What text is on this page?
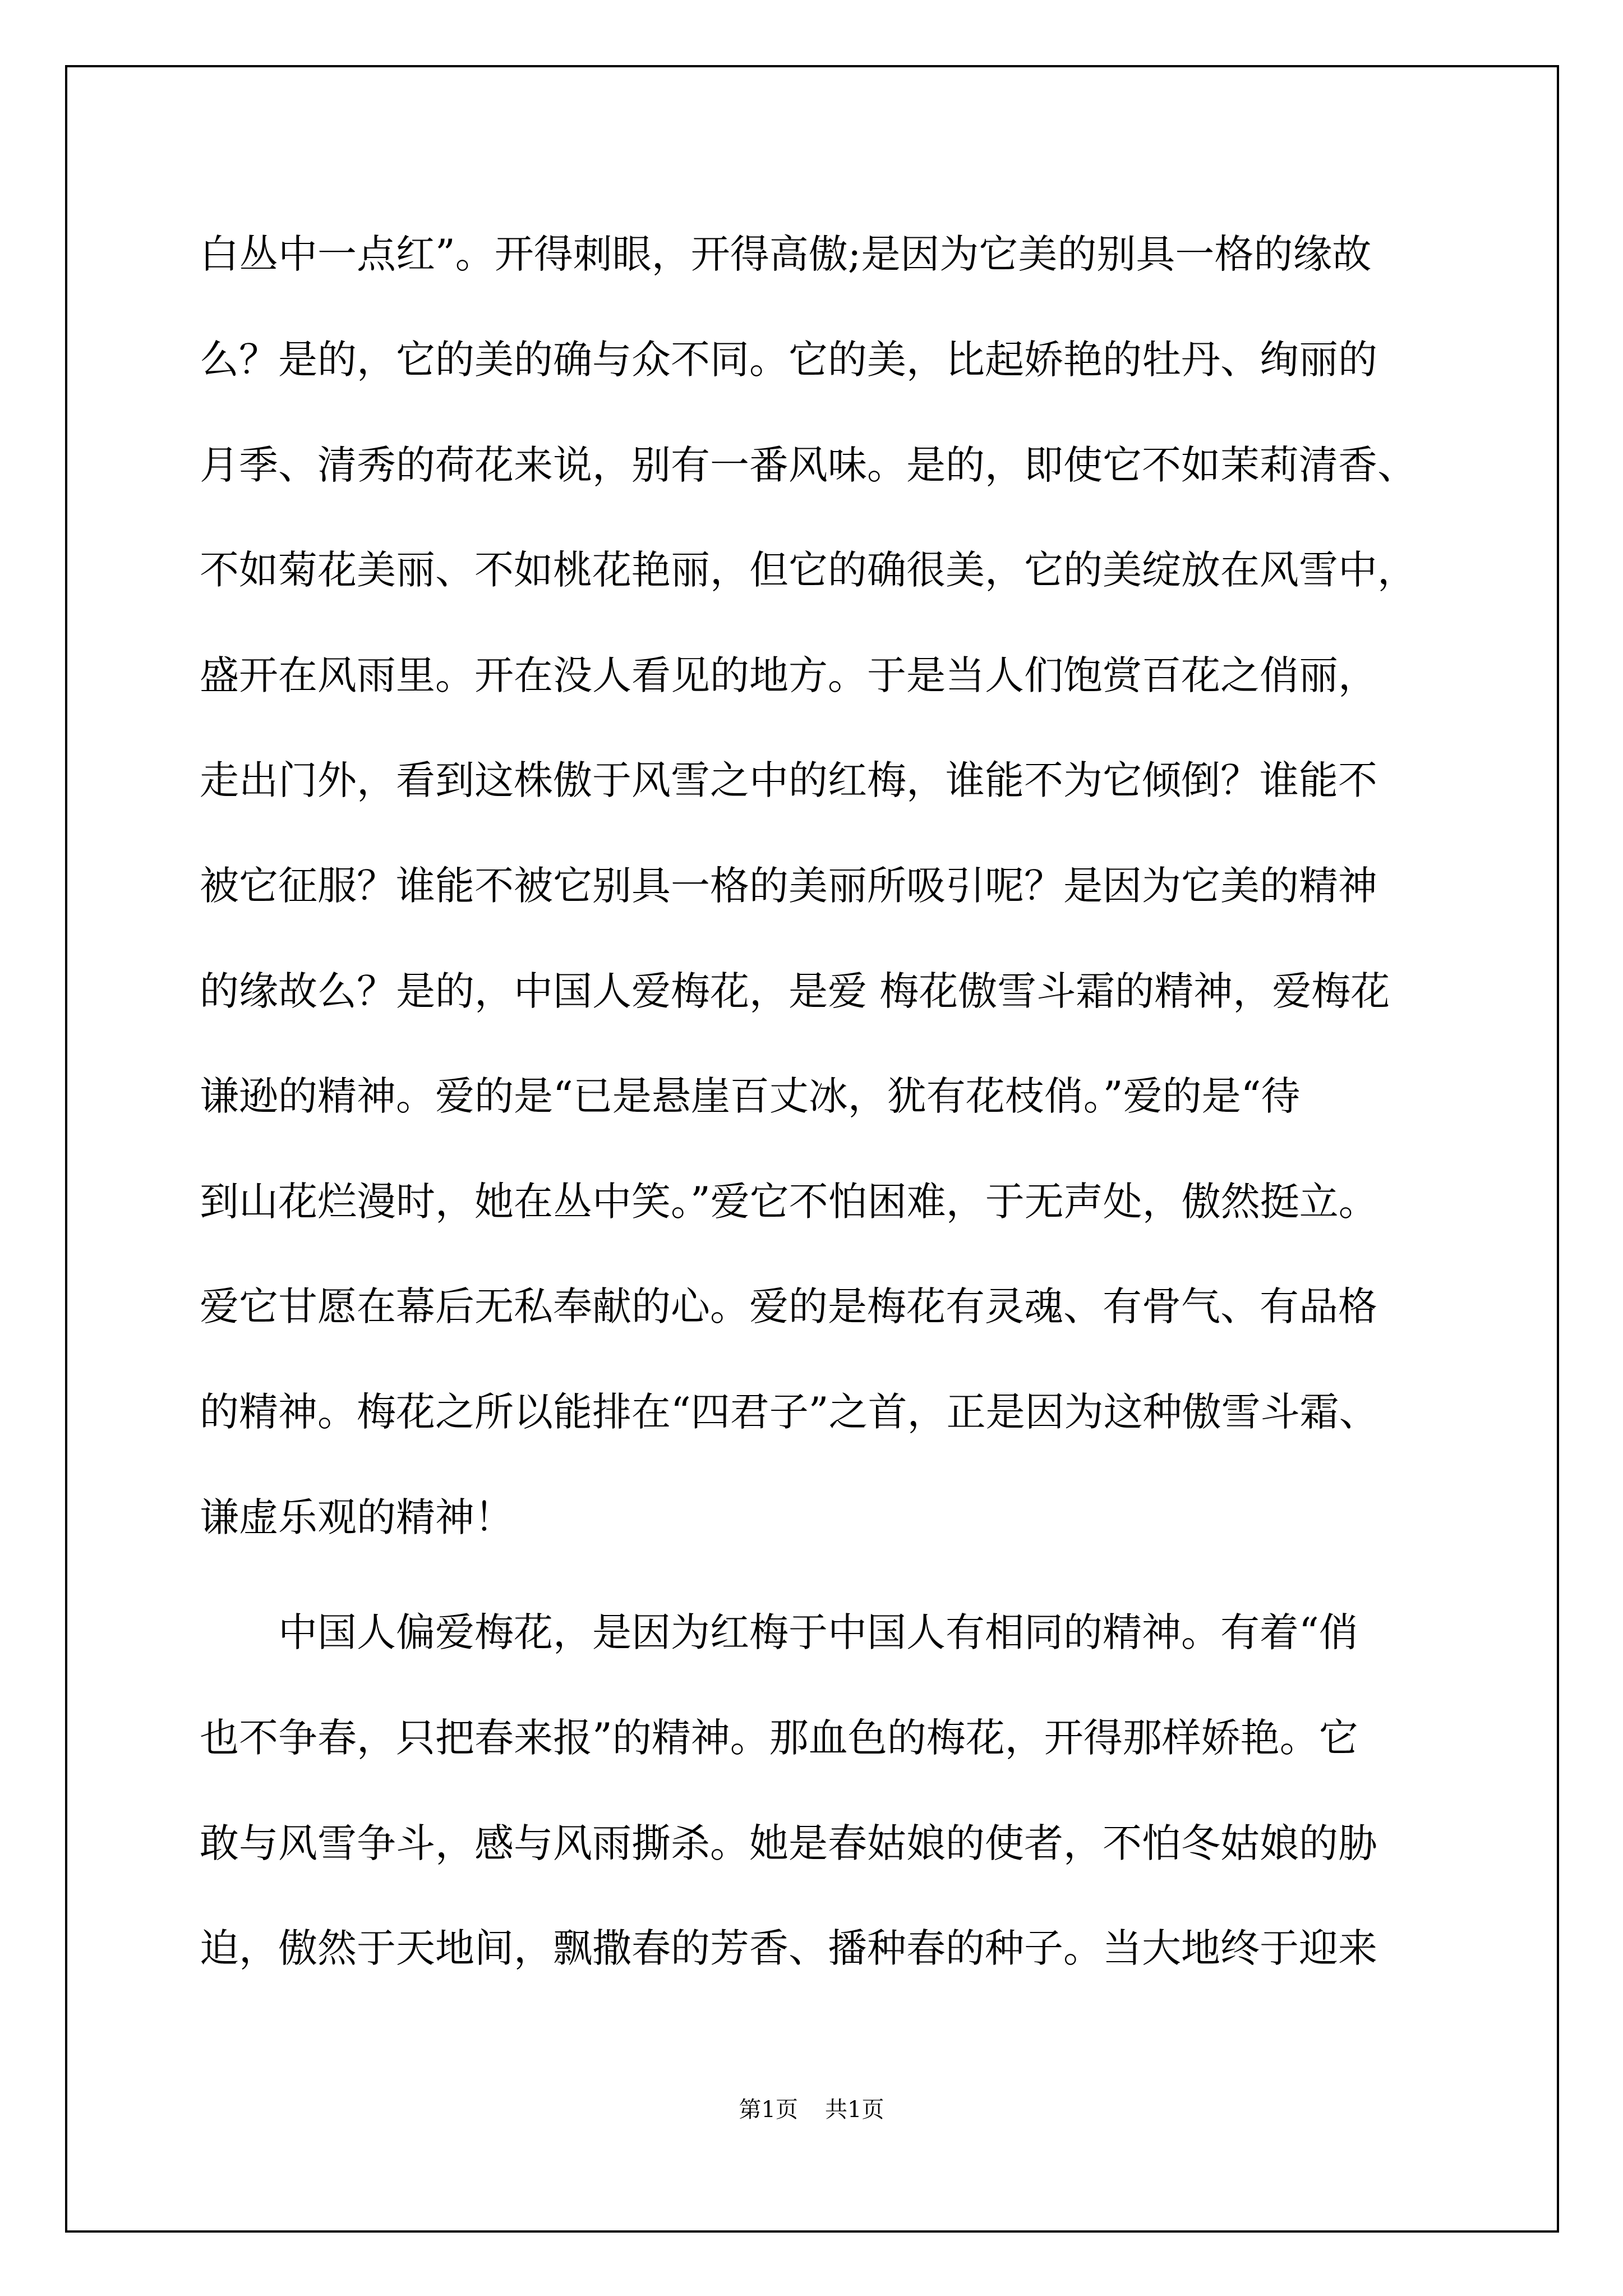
白丛中一点红”。开得刺眼，开得高傲;是因为它美的别具一格的缘故

么？是的，它的美的确与众不同。它的美，比起娇艳的牡丹、绚丽的

月季、清秀的荷花来说，别有一番风味。是的，即使它不如茉莉清香、

不如菊花美丽、不如桃花艳丽，但它的确很美，它的美绽放在风雪中，

盛开在风雨里。开在没人看见的地方。于是当人们饱赏百花之俏丽，

走出门外，看到这株傲于风雪之中的红梅，谁能不为它倾倒？谁能不

被它征服？谁能不被它别具一格的美丽所吸引呢？是因为它美的精神

的缘故么？是的，中国人爱梅花，是爱 梅花傲雪斗霜的精神，爱梅花

谦逊的精神。爱的是“已是悬崖百丈冰，犹有花枝俏。”爱的是“待

到山花烂漫时，她在丛中笑。”爱它不怕困难，于无声处，傲然挺立。

爱它甘愿在幕后无私奉献的心。爱的是梅花有灵魂、有骨气、有品格

的精神。梅花之所以能排在“四君子”之首，正是因为这种傲雪斗霜、

谦虚乐观的精神！

中国人偏爱梅花，是因为红梅于中国人有相同的精神。有着“俏

也不争春，只把春来报”的精神。那血色的梅花，开得那样娇艳。它

敢与风雪争斗，感与风雨撕杀。她是春姑娘的使者，不怕冬姑娘的胁

迫，傲然于天地间，飘撒春的芳香、播种春的种子。当大地终于迎来

第1页 共1页
